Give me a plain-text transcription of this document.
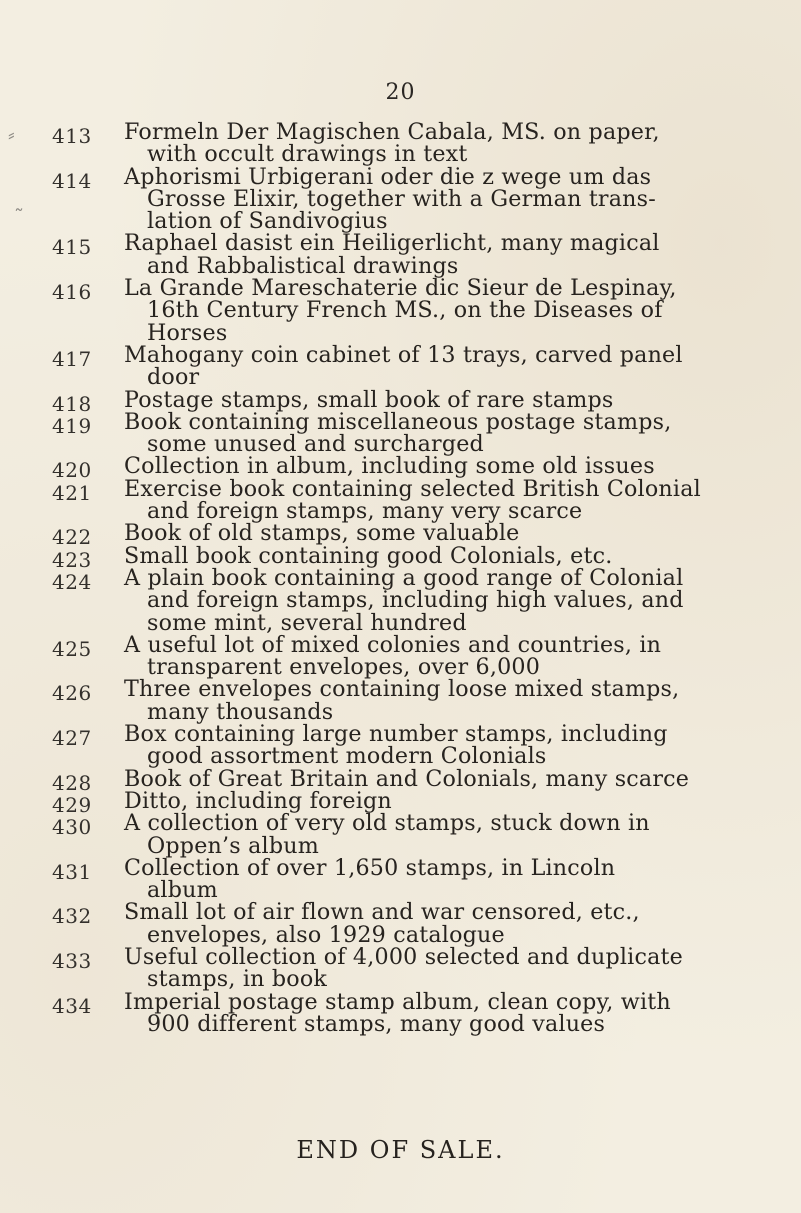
20
⸗
˷
413	Formeln Der Magischen Cabala, MS. on paper,
with occult drawings in text
414	Aphorismi Urbigerani oder die z wege um das
Grosse Elixir, together with a German trans-
lation of Sandivogius
415	Raphael dasist ein Heiligerlicht, many magical
and Rabbalistical drawings
416	La Grande Mareschaterie dic Sieur de Lespinay,
16th Century French MS., on the Diseases of
Horses
417	Mahogany coin cabinet of 13 trays, carved panel
door
418	Postage stamps, small book of rare stamps
419	Book containing miscellaneous postage stamps,
some unused and surcharged
420	Collection in album, including some old issues
421	Exercise book containing selected British Colonial
and foreign stamps, many very scarce
422	Book of old stamps, some valuable
423	Small book containing good Colonials, etc.
424	A plain book containing a good range of Colonial
and foreign stamps, including high values, and
some mint, several hundred
425	A useful lot of mixed colonies and countries, in
transparent envelopes, over 6,000
426	Three envelopes containing loose mixed stamps,
many thousands
427	Box containing large number stamps, including
good assortment modern Colonials
428	Book of Great Britain and Colonials, many scarce
429	Ditto, including foreign
430	A collection of very old stamps, stuck down in
Oppen’s album
431	Collection of over 1,650 stamps, in Lincoln
album
432	Small lot of air flown and war censored, etc.,
envelopes, also 1929 catalogue
433	Useful collection of 4,000 selected and duplicate
stamps, in book
434	Imperial postage stamp album, clean copy, with
900 different stamps, many good values
END OF SALE.
